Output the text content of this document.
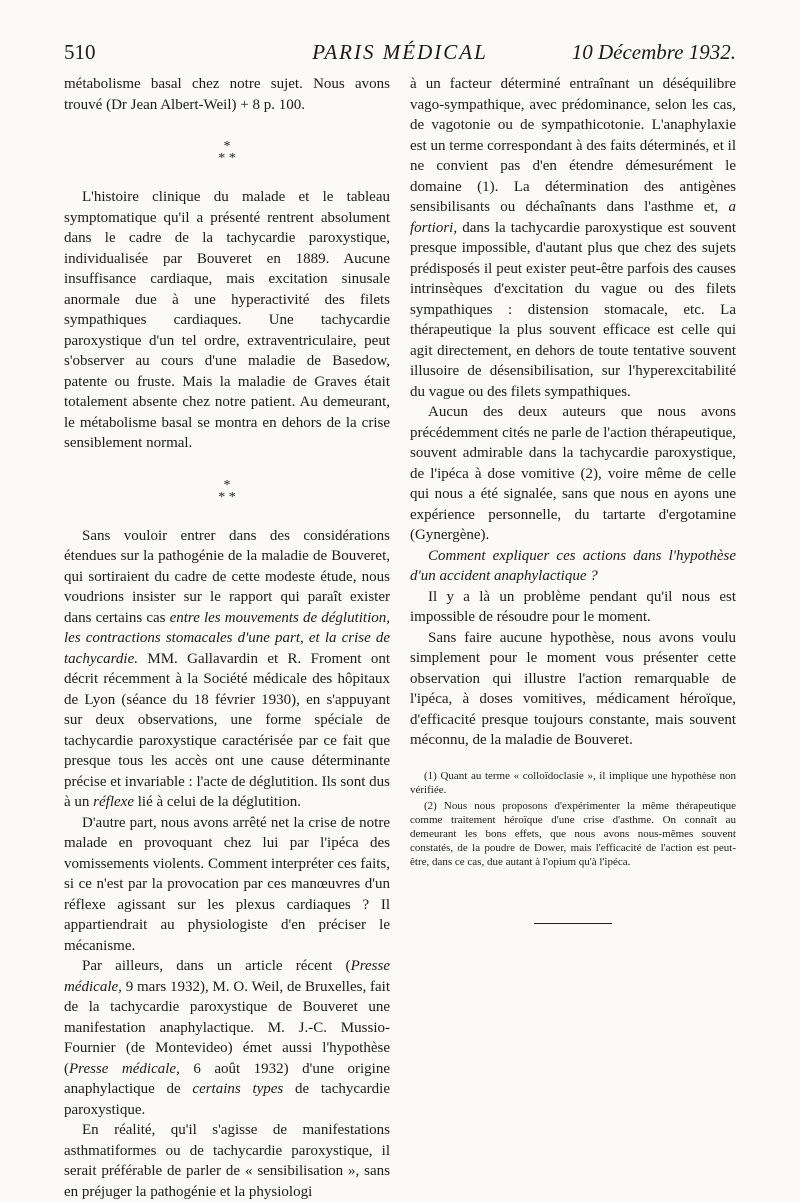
PARIS MÉDICAL
510	10 Décembre 1932.

métabolisme basal chez notre sujet. Nous avons trouvé (Dr Jean Albert-Weil) + 8 p. 100.

*
* *

L'histoire clinique du malade et le tableau symptomatique qu'il a présenté rentrent absolument dans le cadre de la tachycardie paroxystique, individualisée par Bouveret en 1889. Aucune insuffisance cardiaque, mais excitation sinusale anormale due à une hyperactivité des filets sympathiques cardiaques. Une tachycardie paroxystique d'un tel ordre, extraventriculaire, peut s'observer au cours d'une maladie de Basedow, patente ou fruste. Mais la maladie de Graves était totalement absente chez notre patient. Au demeurant, le métabolisme basal se montra en dehors de la crise sensiblement normal.

*
* *

Sans vouloir entrer dans des considérations étendues sur la pathogénie de la maladie de Bouveret, qui sortiraient du cadre de cette modeste étude, nous voudrions insister sur le rapport qui paraît exister dans certains cas entre les mouvements de déglutition, les contractions stomacales d'une part, et la crise de tachycardie. MM. Gallavardin et R. Froment ont décrit récemment à la Société médicale des hôpitaux de Lyon (séance du 18 février 1930), en s'appuyant sur deux observations, une forme spéciale de tachycardie paroxystique caractérisée par ce fait que presque tous les accès ont une cause déterminante précise et invariable : l'acte de déglutition. Ils sont dus à un réflexe lié à celui de la déglutition.

D'autre part, nous avons arrêté net la crise de notre malade en provoquant chez lui par l'ipéca des vomissements violents. Comment interpréter ces faits, si ce n'est par la provocation par ces manœuvres d'un réflexe agissant sur les plexus cardiaques ? Il appartiendrait au physiologiste d'en préciser le mécanisme.

Par ailleurs, dans un article récent (Presse médicale, 9 mars 1932), M. O. Weil, de Bruxelles, fait de la tachycardie paroxystique de Bouveret une manifestation anaphylactique. M. J.-C. Mussio-Fournier (de Montevideo) émet aussi l'hypothèse (Presse médicale, 6 août 1932) d'une origine anaphylactique de certains types de tachycardie paroxystique.

En réalité, qu'il s'agisse de manifestations asthmatiformes ou de tachycardie paroxystique, il serait préférable de parler de « sensibilisation », sans en préjuger la pathogénie et la physiologi

à un facteur déterminé entraînant un déséquilibre vago-sympathique, avec prédominance, selon les cas, de vagotonie ou de sympathicotonie. L'anaphylaxie est un terme correspondant à des faits déterminés, et il ne convient pas d'en étendre démesurément le domaine (1). La détermination des antigènes sensibilisants ou déchaînants dans l'asthme et, a fortiori, dans la tachycardie paroxystique est souvent presque impossible, d'autant plus que chez des sujets prédisposés il peut exister peut-être parfois des causes intrinsèques d'excitation du vague ou des filets sympathiques : distension stomacale, etc. La thérapeutique la plus souvent efficace est celle qui agit directement, en dehors de toute tentative souvent illusoire de désensibilisation, sur l'hyperexcitabilité du vague ou des filets sympathiques.

Aucun des deux auteurs que nous avons précédemment cités ne parle de l'action thérapeutique, souvent admirable dans la tachycardie paroxystique, de l'ipéca à dose vomitive (2), voire même de celle qui nous a été signalée, sans que nous en ayons une expérience personnelle, du tartarte d'ergotamine (Gynergène).

Comment expliquer ces actions dans l'hypothèse d'un accident anaphylactique ?

Il y a là un problème pendant qu'il nous est impossible de résoudre pour le moment.

Sans faire aucune hypothèse, nous avons voulu simplement pour le moment vous présenter cette observation qui illustre l'action remarquable de l'ipéca, à doses vomitives, médicament héroïque, d'efficacité presque toujours constante, mais souvent méconnu, de la maladie de Bouveret.

(1) Quant au terme « colloïdoclasie », il implique une hypothèse non vérifiée.

(2) Nous nous proposons d'expérimenter la même thérapeutique comme traitement héroïque d'une crise d'asthme. On connaît au demeurant les bons effets, que nous avons nous-mêmes souvent constatés, de la poudre de Dower, mais l'efficacité de l'action est peut-être, dans ce cas, due autant à l'opium qu'à l'ipéca.
